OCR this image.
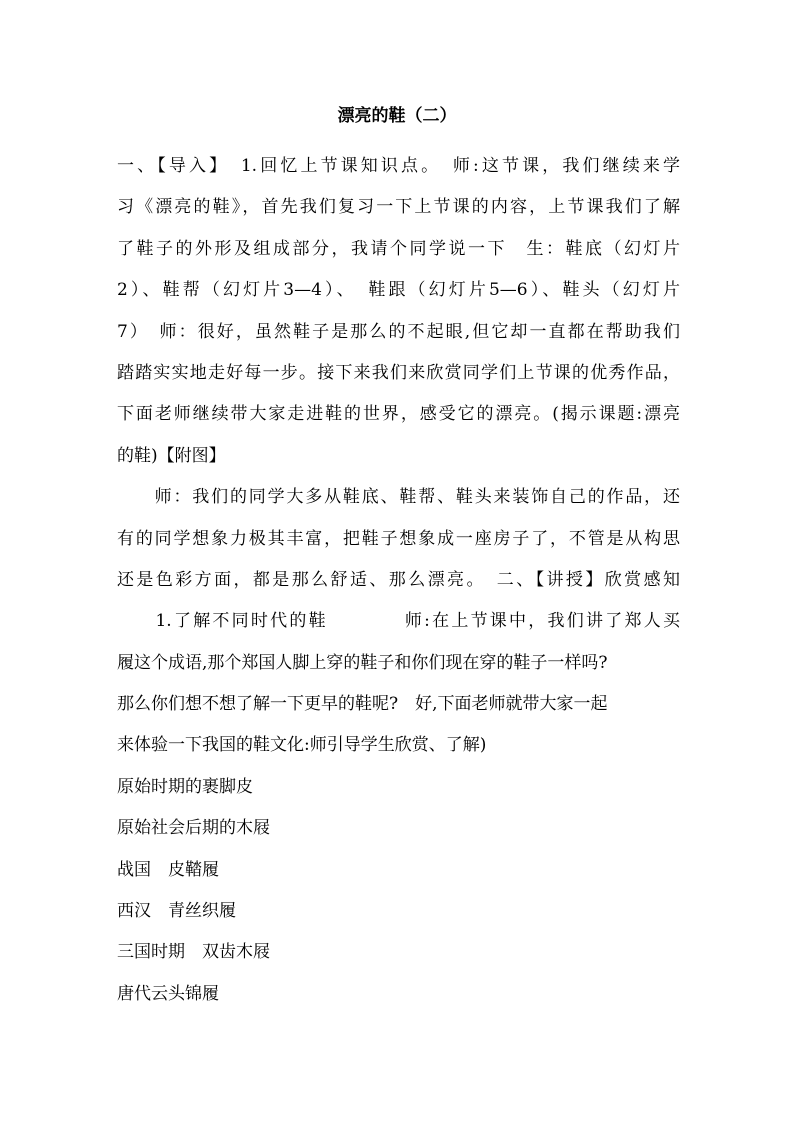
漂亮的鞋（二）
一、【导入】　1.回忆上节课知识点。　师:这节课，我们继续来学
习《漂亮的鞋》，首先我们复习一下上节课的内容，上节课我们了解
了鞋子的外形及组成部分，我请个同学说一下　生：鞋底（幻灯片
2）、鞋帮（幻灯片3—4）、　鞋跟（幻灯片5—6）、鞋头（幻灯片
7）　师：很好，虽然鞋子是那么的不起眼,但它却一直都在帮助我们
踏踏实实地走好每一步。接下来我们来欣赏同学们上节课的优秀作品，
下面老师继续带大家走进鞋的世界，感受它的漂亮。(揭示课题:漂亮
的鞋)【附图】
　　师：我们的同学大多从鞋底、鞋帮、鞋头来装饰自己的作品，还
有的同学想象力极其丰富，把鞋子想象成一座房子了，不管是从构思
还是色彩方面，都是那么舒适、那么漂亮。　二、【讲授】欣赏感知
　　1.了解不同时代的鞋　　　　师:在上节课中，我们讲了郑人买
履这个成语,那个郑国人脚上穿的鞋子和你们现在穿的鞋子一样吗?
那么你们想不想了解一下更早的鞋呢?　好,下面老师就带大家一起
来体验一下我国的鞋文化:师引导学生欣赏、了解)
原始时期的裹脚皮
原始社会后期的木屐
战国　皮鞜履
西汉　青丝织履
三国时期　双齿木屐
唐代云头锦履
